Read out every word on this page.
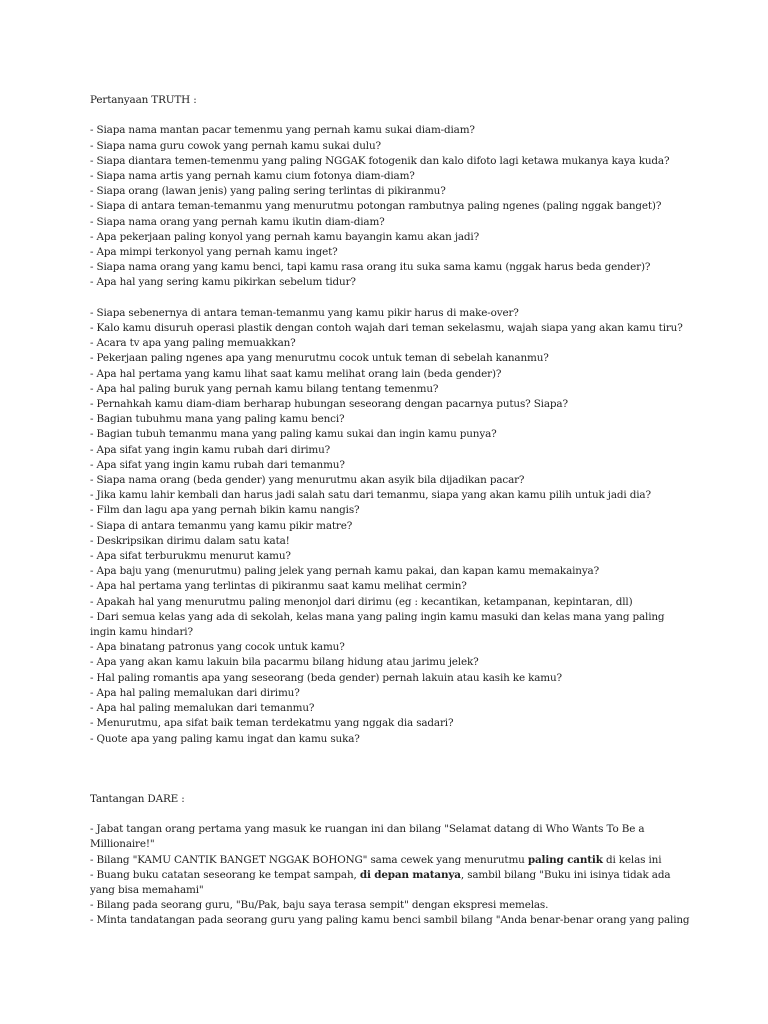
Pertanyaan TRUTH :

- Siapa nama mantan pacar temenmu yang pernah kamu sukai diam-diam?
- Siapa nama guru cowok yang pernah kamu sukai dulu?
- Siapa diantara temen-temenmu yang paling NGGAK fotogenik dan kalo difoto lagi ketawa mukanya kaya kuda?
- Siapa nama artis yang pernah kamu cium fotonya diam-diam?
- Siapa orang (lawan jenis) yang paling sering terlintas di pikiranmu?
- Siapa di antara teman-temanmu yang menurutmu potongan rambutnya paling ngenes (paling nggak banget)?
- Siapa nama orang yang pernah kamu ikutin diam-diam?
- Apa pekerjaan paling konyol yang pernah kamu bayangin kamu akan jadi?
- Apa mimpi terkonyol yang pernah kamu inget?
- Siapa nama orang yang kamu benci, tapi kamu rasa orang itu suka sama kamu (nggak harus beda gender)?
- Apa hal yang sering kamu pikirkan sebelum tidur?
- Siapa sebenernya di antara teman-temanmu yang kamu pikir harus di make-over?
- Kalo kamu disuruh operasi plastik dengan contoh wajah dari teman sekelasmu, wajah siapa yang akan kamu tiru?
- Acara tv apa yang paling memuakkan?
- Pekerjaan paling ngenes apa yang menurutmu cocok untuk teman di sebelah kananmu?
- Apa hal pertama yang kamu lihat saat kamu melihat orang lain (beda gender)?
- Apa hal paling buruk yang pernah kamu bilang tentang temenmu?
- Pernahkah kamu diam-diam berharap hubungan seseorang dengan pacarnya putus? Siapa?
- Bagian tubuhmu mana yang paling kamu benci?
- Bagian tubuh temanmu mana yang paling kamu sukai dan ingin kamu punya?
- Apa sifat yang ingin kamu rubah dari dirimu?
- Apa sifat yang ingin kamu rubah dari temanmu?
- Siapa nama orang (beda gender) yang menurutmu akan asyik bila dijadikan pacar?
- Jika kamu lahir kembali dan harus jadi salah satu dari temanmu, siapa yang akan kamu pilih untuk jadi dia?
- Film dan lagu apa yang pernah bikin kamu nangis?
- Siapa di antara temanmu yang kamu pikir matre?
- Deskripsikan dirimu dalam satu kata!
- Apa sifat terburukmu menurut kamu?
- Apa baju yang (menurutmu) paling jelek yang pernah kamu pakai, dan kapan kamu memakainya?
- Apa hal pertama yang terlintas di pikiranmu saat kamu melihat cermin?
- Apakah hal yang menurutmu paling menonjol dari dirimu (eg : kecantikan, ketampanan, kepintaran, dll)
- Dari semua kelas yang ada di sekolah, kelas mana yang paling ingin kamu masuki dan kelas mana yang paling ingin kamu hindari?
- Apa binatang patronus yang cocok untuk kamu?
- Apa yang akan kamu lakuin bila pacarmu bilang hidung atau jarimu jelek?
- Hal paling romantis apa yang seseorang (beda gender) pernah lakuin atau kasih ke kamu?
- Apa hal paling memalukan dari dirimu?
- Apa hal paling memalukan dari temanmu?
- Menurutmu, apa sifat baik teman terdekatmu yang nggak dia sadari?
- Quote apa yang paling kamu ingat dan kamu suka?

Tantangan DARE :

- Jabat tangan orang pertama yang masuk ke ruangan ini dan bilang "Selamat datang di Who Wants To Be a Millionaire!"
- Bilang "KAMU CANTIK BANGET NGGAK BOHONG" sama cewek yang menurutmu paling cantik di kelas ini
- Buang buku catatan seseorang ke tempat sampah, di depan matanya, sambil bilang "Buku ini isinya tidak ada yang bisa memahami"
- Bilang pada seorang guru, "Bu/Pak, baju saya terasa sempit" dengan ekspresi memelas.
- Minta tandatangan pada seorang guru yang paling kamu benci sambil bilang "Anda benar-benar orang yang paling
